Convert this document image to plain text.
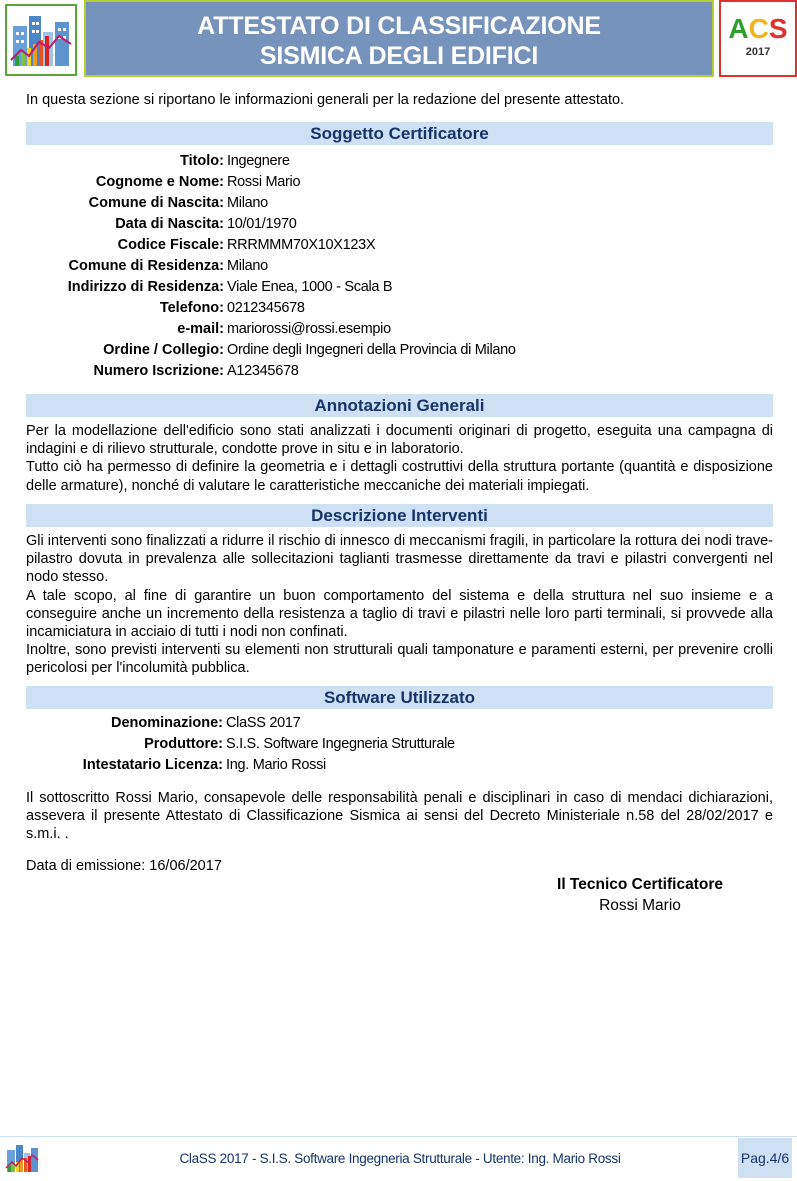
ATTESTATO DI CLASSIFICAZIONE
SISMICA DEGLI EDIFICI
ACS
2017
In questa sezione si riportano le informazioni generali per la redazione del presente attestato.
Soggetto Certificatore
Titolo: Ingegnere
Cognome e Nome: Rossi Mario
Comune di Nascita: Milano
Data di Nascita: 10/01/1970
Codice Fiscale: RRRMMM70X10X123X
Comune di Residenza: Milano
Indirizzo di Residenza: Viale Enea, 1000 - Scala B
Telefono: 0212345678
e-mail: mariorossi@rossi.esempio
Ordine / Collegio: Ordine degli Ingegneri della Provincia di Milano
Numero Iscrizione: A12345678
Annotazioni Generali

Per la modellazione dell'edificio sono stati analizzati i documenti originari di progetto, eseguita una campagna di indagini e di rilievo strutturale, condotte prove in situ e in laboratorio.

Tutto ciò ha permesso di definire la geometria e i dettagli costruttivi della struttura portante (quantità e disposizione delle armature), nonché di valutare le caratteristiche meccaniche dei materiali impiegati.

Descrizione Interventi

Gli interventi sono finalizzati a ridurre il rischio di innesco di meccanismi fragili, in particolare la rottura dei nodi trave-pilastro dovuta in prevalenza alle sollecitazioni taglianti trasmesse direttamente da travi e pilastri convergenti nel nodo stesso.

A tale scopo, al fine di garantire un buon comportamento del sistema e della struttura nel suo insieme e a conseguire anche un incremento della resistenza a taglio di travi e pilastri nelle loro parti terminali, si provvede alla incamiciatura in acciaio di tutti i nodi non confinati.

Inoltre, sono previsti interventi su elementi non strutturali quali tamponature e paramenti esterni, per prevenire crolli pericolosi per l'incolumità pubblica.

Software Utilizzato
Denominazione: ClaSS 2017
Produttore: S.I.S. Software Ingegneria Strutturale
Intestatario Licenza: Ing. Mario Rossi

Il sottoscritto Rossi Mario, consapevole delle responsabilità penali e disciplinari in caso di mendaci dichiarazioni, assevera il presente Attestato di Classificazione Sismica ai sensi del Decreto Ministeriale n.58 del 28/02/2017 e s.m.i. .

Data di emissione: 16/06/2017
Il Tecnico Certificatore
Rossi Mario
ClaSS 2017 - S.I.S. Software Ingegneria Strutturale - Utente: Ing. Mario Rossi	Pag.4/6
